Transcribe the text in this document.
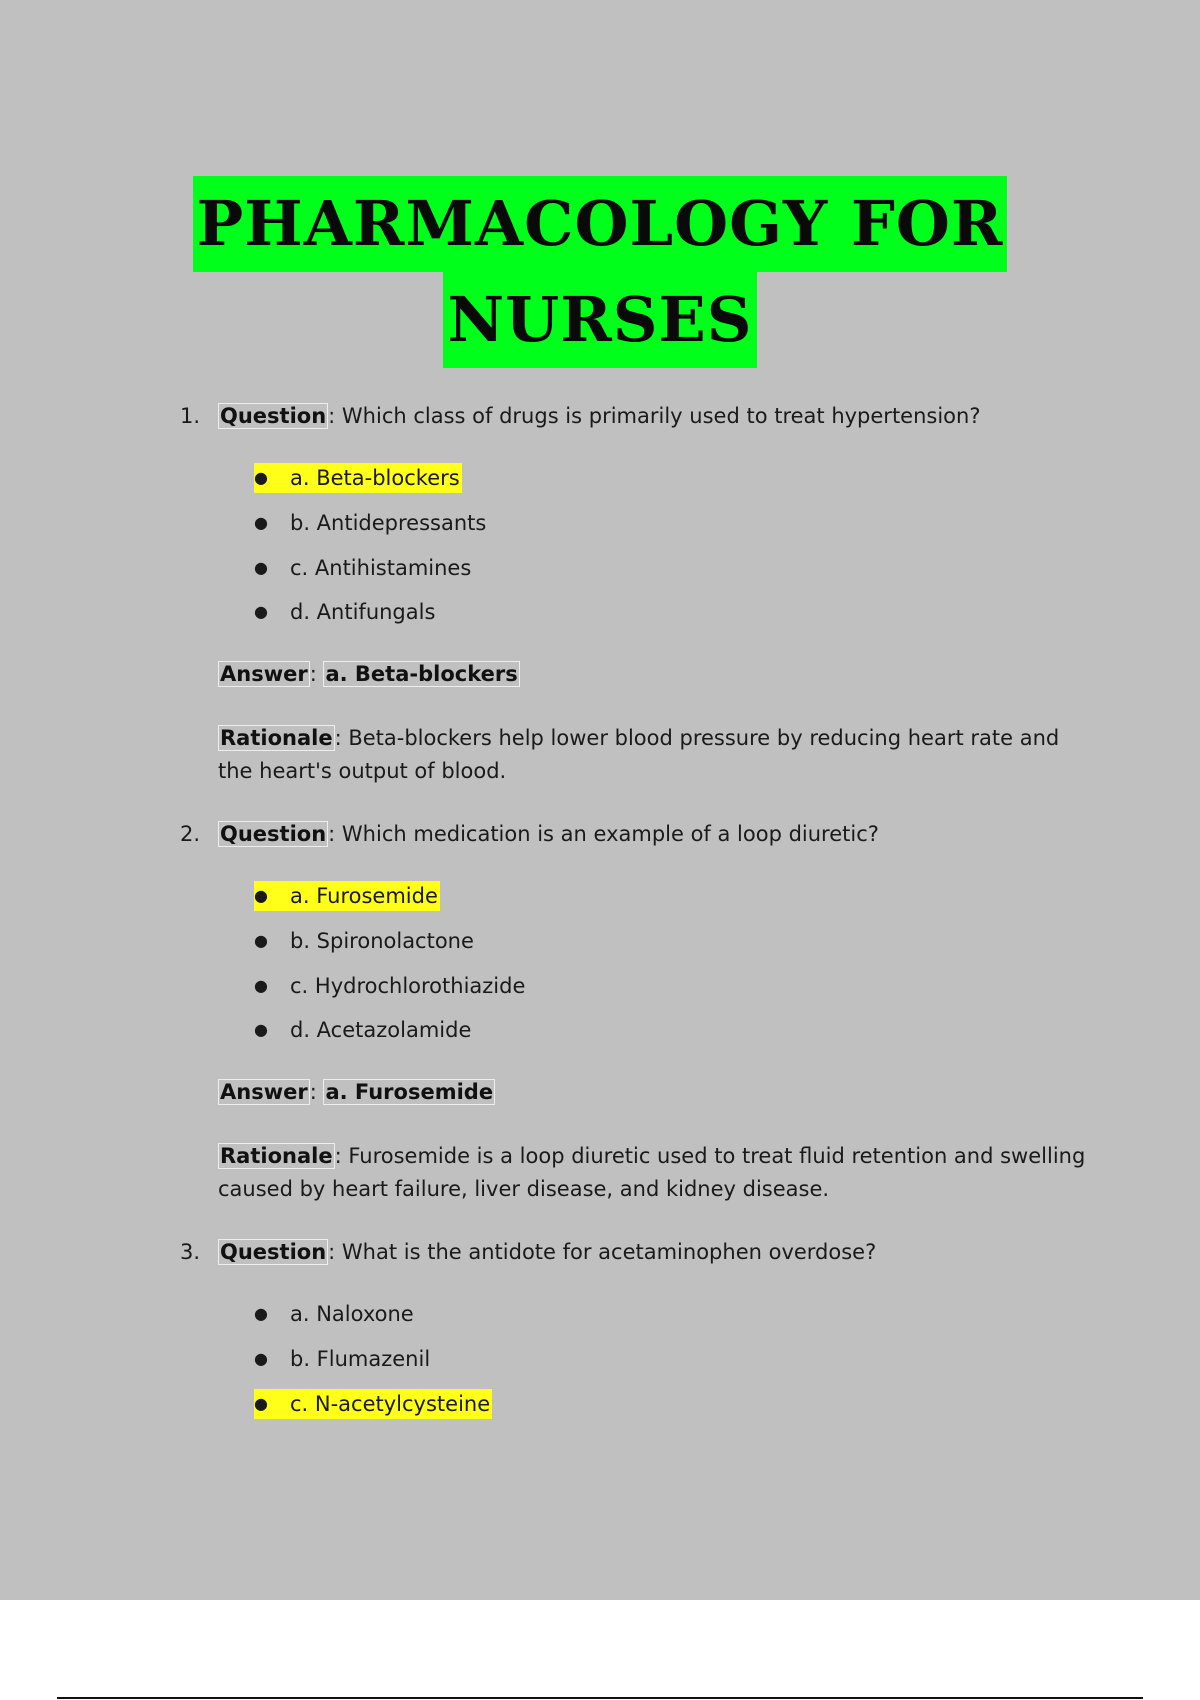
PHARMACOLOGY FOR
NURSES
1. Question: Which class of drugs is primarily used to treat hypertension?
● a. Beta-blockers
● b. Antidepressants
● c. Antihistamines
● d. Antifungals
Answer: a. Beta-blockers
Rationale: Beta-blockers help lower blood pressure by reducing heart rate and the heart's output of blood.
2. Question: Which medication is an example of a loop diuretic?
● a. Furosemide
● b. Spironolactone
● c. Hydrochlorothiazide
● d. Acetazolamide
Answer: a. Furosemide
Rationale: Furosemide is a loop diuretic used to treat fluid retention and swelling caused by heart failure, liver disease, and kidney disease.
3. Question: What is the antidote for acetaminophen overdose?
● a. Naloxone
● b. Flumazenil
● c. N-acetylcysteine
